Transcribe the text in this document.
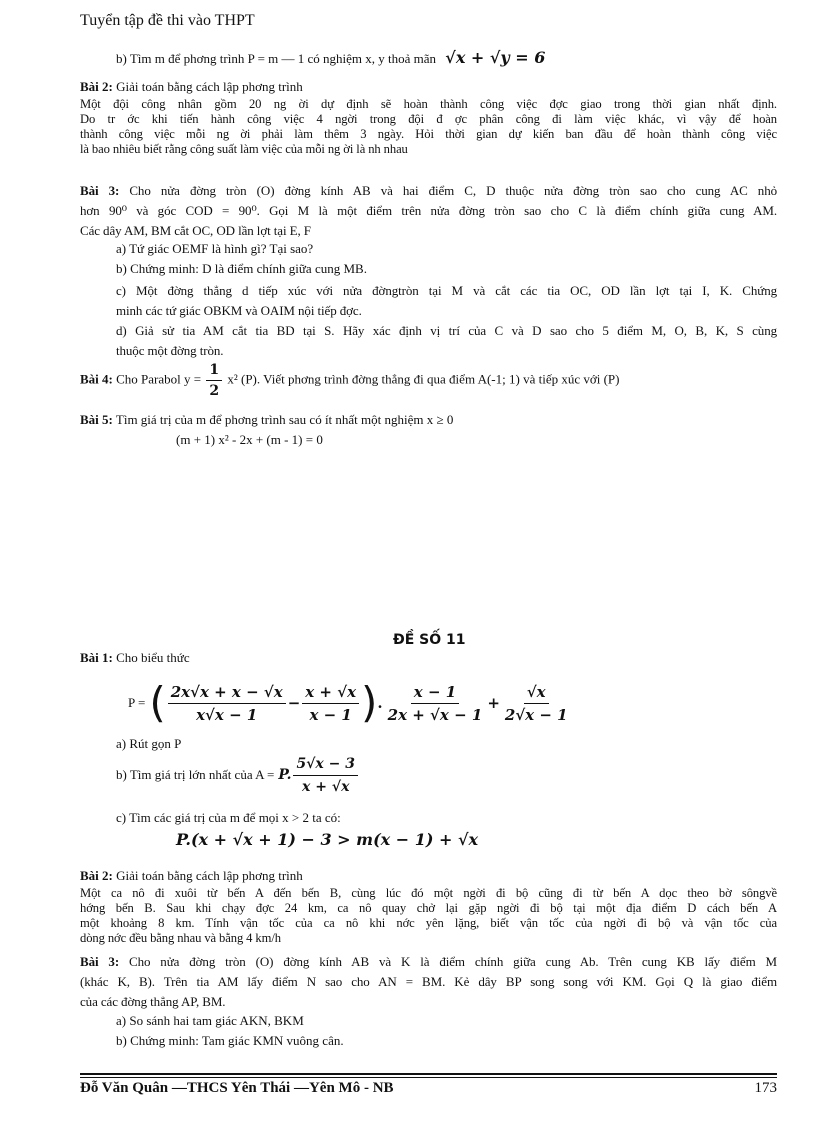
Tuyển tập đề thi vào THPT
b) Tìm m để phơng trình P = m — 1 có nghiệm x, y thoả mãn √x + √y = 6
Bài 2: Giải toán bằng cách lập phơng trình
Một đội công nhân gồm 20 ng ời dự định sẽ hoàn thành công việc đợc giao trong thời gian nhất định.
Do tr ớc khi tiến hành công việc 4 ngời trong đội đ ợc phân công đi làm việc khác, vì vậy để hoàn
thành công việc mỗi ng ời phải làm thêm 3 ngày. Hỏi thời gian dự kiến ban đầu để hoàn thành công việc
là bao nhiêu biết rằng công suất làm việc của mỗi ng ời là nh nhau
Bài 3: Cho nửa đờng tròn (O) đờng kính AB và hai điểm C, D thuộc nửa đờng tròn sao cho cung AC nhỏ
hơn 90⁰ và góc COD = 90⁰. Gọi M là một điểm trên nửa đờng tròn sao cho C là điểm chính giữa cung AM.
Các dây AM, BM cắt OC, OD lần lợt tại E, F
a) Tứ giác OEMF là hình gì? Tại sao?
b) Chứng minh: D là điểm chính giữa cung MB.
c) Một đờng thẳng d tiếp xúc với nửa đờngtròn tại M và cắt các tia OC, OD lần lợt tại I, K. Chứng
minh các tứ giác OBKM và OAIM nội tiếp đợc.
d) Giả sử tia AM cắt tia BD tại S. Hãy xác định vị trí của C và D sao cho 5 điểm M, O, B, K, S cùng
thuộc một đờng tròn.
Bài 4: Cho Parabol $y = \frac{1}{2} x^2$ (P). Viết phơng trình đờng thẳng đi qua điểm A(-1; 1) và tiếp xúc với (P)
Bài 5: Tìm giá trị của m để phơng trình sau có ít nhất một nghiệm x ≥ 0
(m + 1) x² - 2x + (m - 1) = 0
ĐỀ SỐ 11
Bài 1: Cho biểu thức
P = ( $\frac{2x√x + x - √x}{x√x - 1} - \frac{x + √x}{x - 1}$ ) . $\frac{x - 1}{2x + √x - 1} + \frac{√x}{2√x - 1}$
a) Rút gọn P
b) Tìm giá trị lớn nhất của A = P. $\frac{5√x - 3}{x + √x}$
c) Tìm các giá trị của m để mọi x > 2 ta có:
P.(x + √x + 1) − 3 > m(x − 1) + √x
Bài 2: Giải toán bằng cách lập phơng trình
Một ca nô đi xuôi từ bến A đến bến B, cùng lúc đó một ngời đi bộ cũng đi từ bến A dọc theo bờ sôngvề
hớng bến B. Sau khi chạy đợc 24 km, ca nô quay chở lại gặp ngời đi bộ tại một địa điểm D cách bến A
một khoảng 8 km. Tính vận tốc của ca nô khi nớc yên lặng, biết vận tốc của ngời đi bộ và vận tốc của
dòng nớc đều bằng nhau và bằng 4 km/h
Bài 3: Cho nửa đờng tròn (O) đờng kính AB và K là điểm chính giữa cung Ab. Trên cung KB lấy điểm M
(khác K, B). Trên tia AM lấy điểm N sao cho AN = BM. Kẻ dây BP song song với KM. Gọi Q là giao điểm
của các đờng thẳng AP, BM.
a) So sánh hai tam giác AKN, BKM
b) Chứng minh: Tam giác KMN vuông cân.
Đỗ Văn Quân —THCS Yên Thái —Yên Mô - NB	173
